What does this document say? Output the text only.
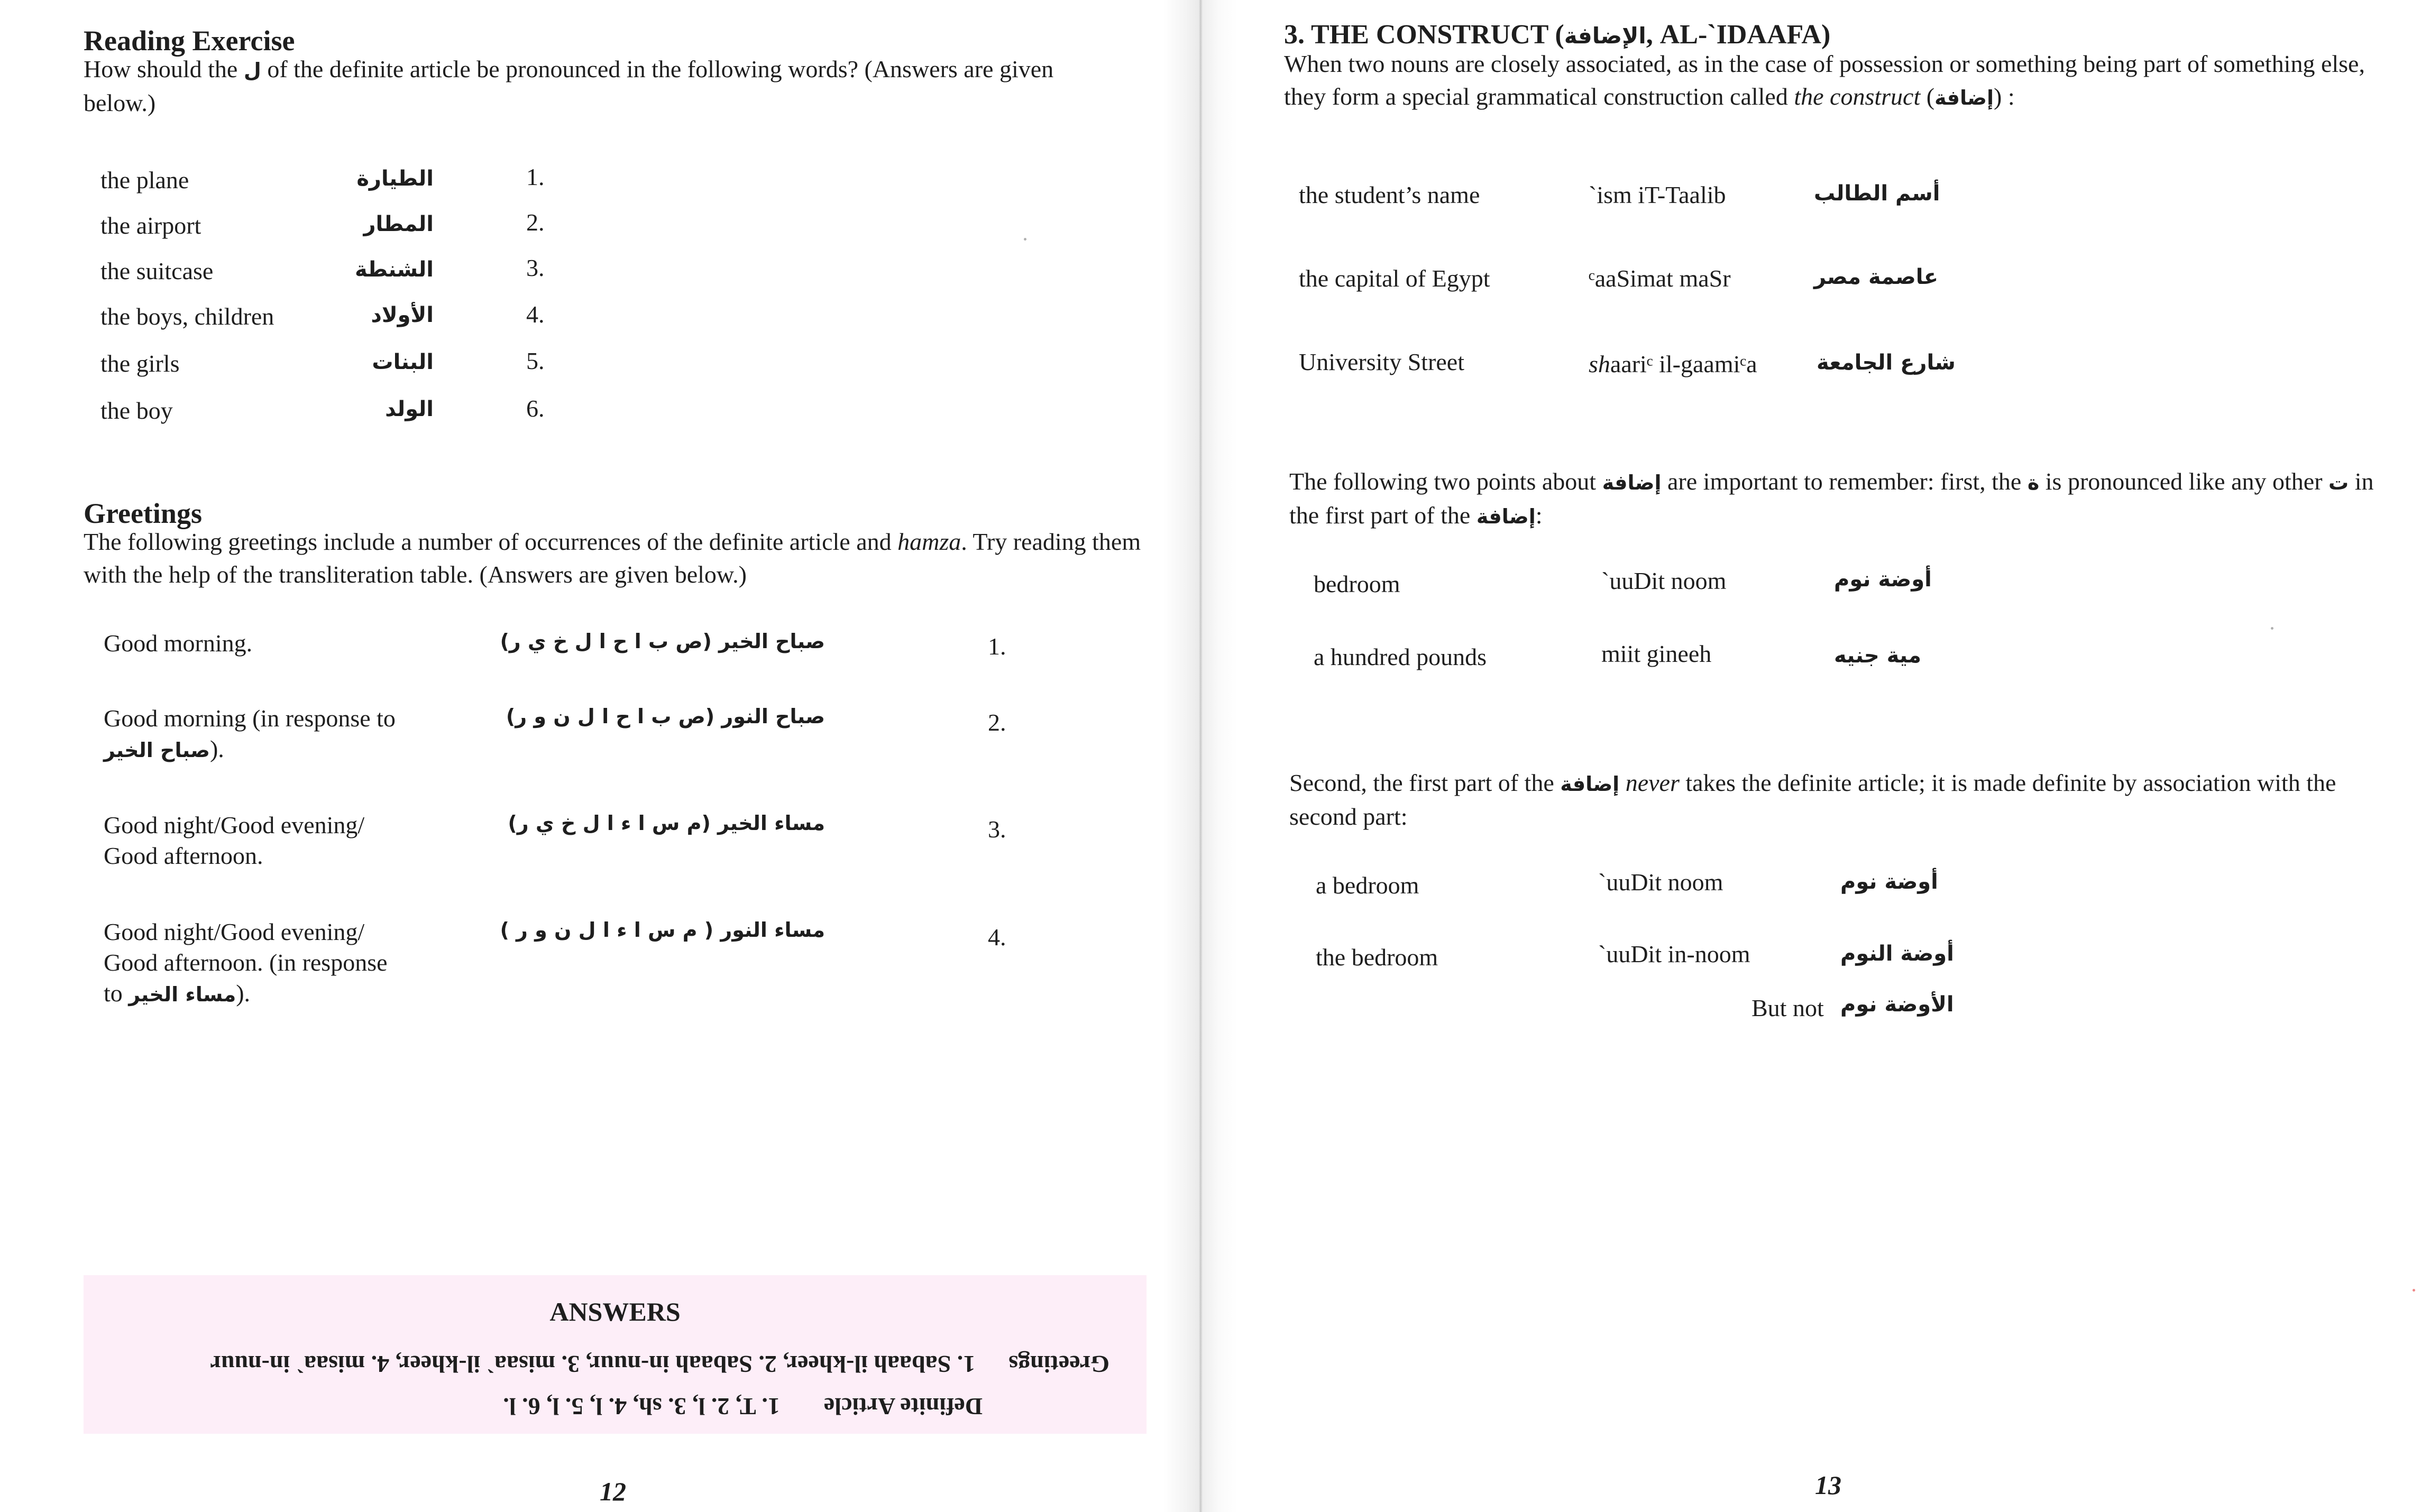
Reading Exercise
How should the ل of the definite article be pronounced in the following words? (Answers are given below.)
the plane	الطيارة	1.
the airport	المطار	2.
the suitcase	الشنطة	3.
the boys, children	الأولاد	4.
the girls	البنات	5.
the boy	الولد	6.
Greetings
The following greetings include a number of occurrences of the definite article and hamza. Try reading them with the help of the transliteration table. (Answers are given below.)
Good morning.	صباح الخير (ص ب ا ح ا ل خ ي ر)	1.
Good morning (in response to
صباح الخير).
صباح النور (ص ب ا ح ا ل ن و ر)	2.
Good night/Good evening/
Good afternoon.
مساء الخير (م س ا ء ا ل خ ي ر)	3.
Good night/Good evening/
Good afternoon. (in response
to مساء الخير).
مساء النور ( م س ا ء ا ل ن و ر )	4.
ANSWERS
Greetings  1. Sabaah il-kheer, 2. Sabaah in-nuur, 3. misaa` il-kheer, 4. misaa` in-nuur
Definite Article  1. T, 2. l, 3. sh, 4. l, 5. l, 6. l.
12
3. THE CONSTRUCT (الإضافة, AL-`IDAAFA)
When two nouns are closely associated, as in the case of possession or something being part of something else, they form a special grammatical construction called the construct (إضافة) :
the student’s name	`ism iT-Taalib	أسم الطالب
the capital of Egypt	ᶜaaSimat maSr	عاصمة مصر
University Street	shaariᶜ il-gaamiᶜa	شارع الجامعة
The following two points about إضافة are important to remember: first, the ة is pronounced like any other ت in the first part of the إضافة:
bedroom	`uuDit noom	أوضة نوم
a hundred pounds	miit gineeh	مية جنيه
Second, the first part of the إضافة never takes the definite article; it is made definite by association with the second part:
a bedroom	`uuDit noom	أوضة نوم
the bedroom	`uuDit in-noom	أوضة النوم
But not الأوضة نوم
13
